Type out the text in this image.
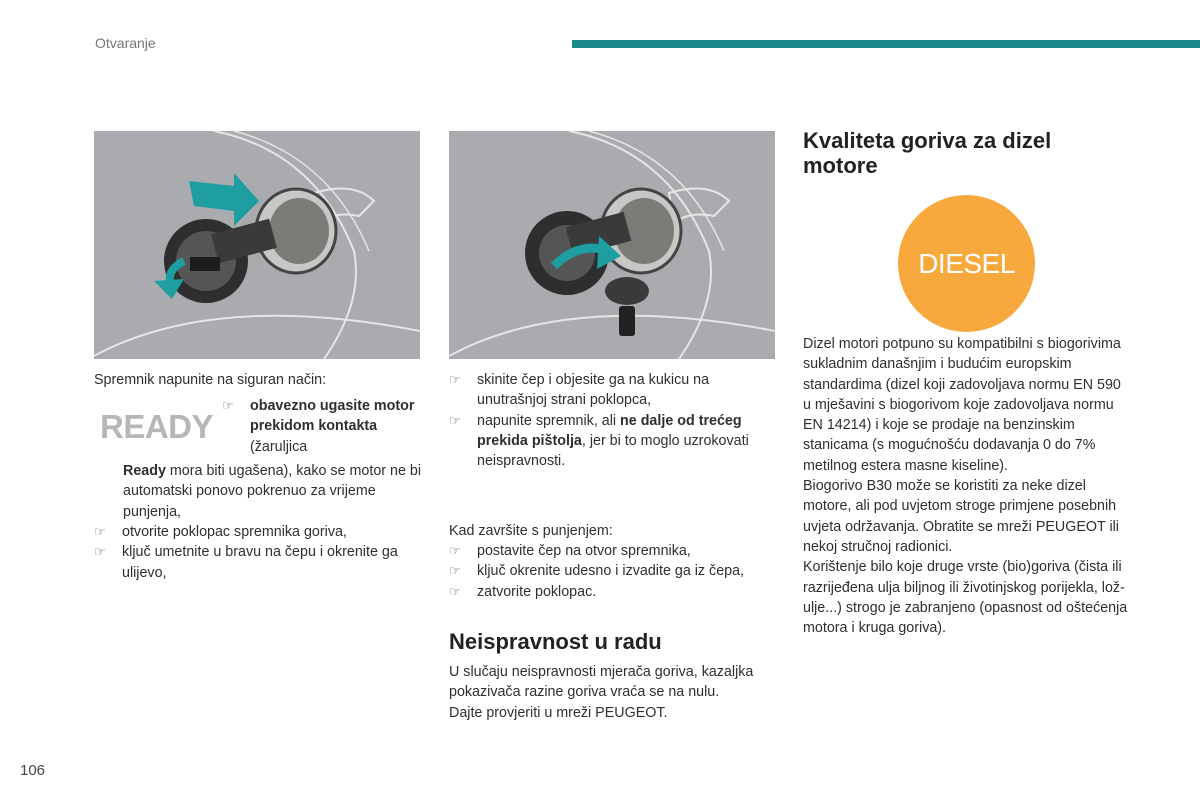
Otvaranje
Spremnik napunite na siguran način:
READY
☞	obavezno ugasite motor prekidom kontakta (žaruljica
Ready mora biti ugašena), kako se motor ne bi automatski ponovo pokrenuo za vrijeme punjenja,
☞ otvorite poklopac spremnika goriva,
☞ ključ umetnite u bravu na čepu i okrenite ga ulijevo,
☞ skinite čep i objesite ga na kukicu na unutrašnjoj strani poklopca,
☞ napunite spremnik, ali ne dalje od trećeg prekida pištolja, jer bi to moglo uzrokovati neispravnosti.
Kad završite s punjenjem:
☞ postavite čep na otvor spremnika,
☞ ključ okrenite udesno i izvadite ga iz čepa,
☞ zatvorite poklopac.
Neispravnost u radu
U slučaju neispravnosti mjerača goriva, kazaljka pokazivača razine goriva vraća se na nulu.
Dajte provjeriti u mreži PEUGEOT.
Kvaliteta goriva za dizel motore
DIESEL
Dizel motori potpuno su kompatibilni s biogorivima sukladnim današnjim i budućim europskim standardima (dizel koji zadovoljava normu EN 590 u mješavini s biogorivom koje zadovoljava normu EN 14214) i koje se prodaje na benzinskim stanicama (s mogućnošću dodavanja 0 do 7% metilnog estera masne kiseline).
Biogorivo B30 može se koristiti za neke dizel motore, ali pod uvjetom stroge primjene posebnih uvjeta održavanja. Obratite se mreži PEUGEOT ili nekoj stručnoj radionici.
Korištenje bilo koje druge vrste (bio)goriva (čista ili razrijeđena ulja biljnog ili životinjskog porijekla, lož-ulje...) strogo je zabranjeno (opasnost od oštećenja motora i kruga goriva).
106
